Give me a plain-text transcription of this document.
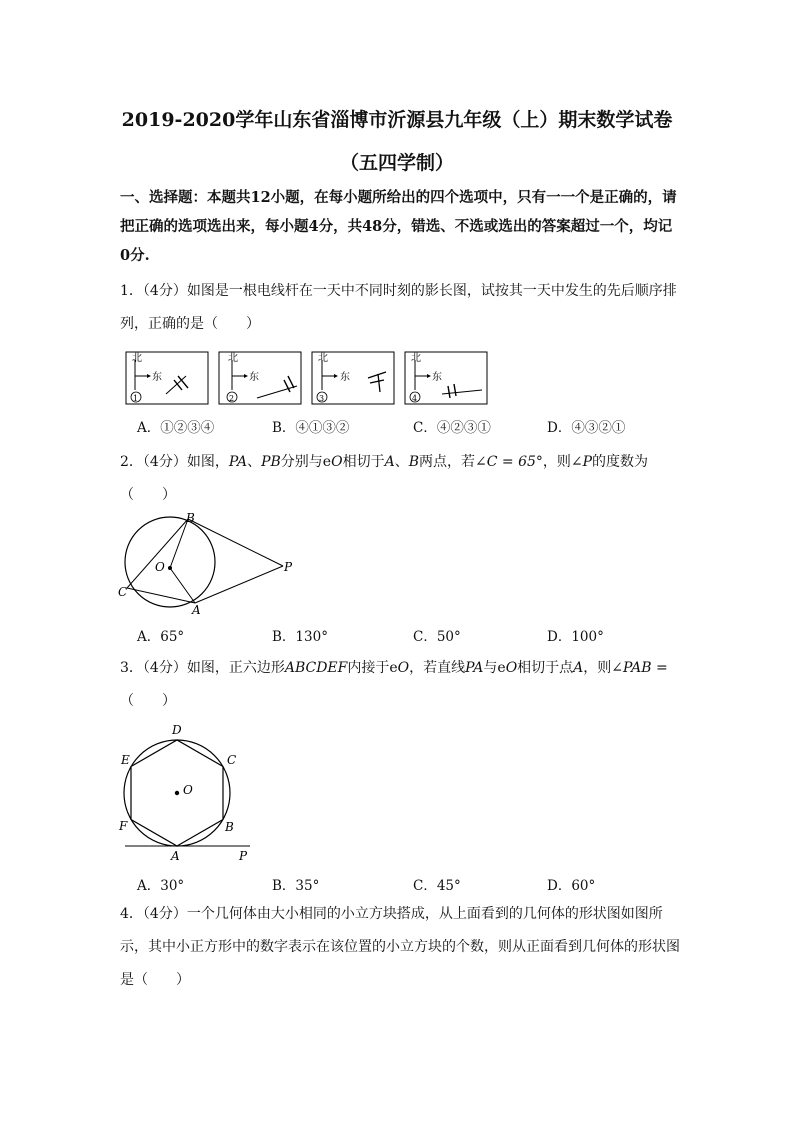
2019-2020学年山东省淄博市沂源县九年级（上）期末数学试卷
（五四学制）
一、选择题：本题共12小题，在每小题所给出的四个选项中，只有一一个是正确的，请把正确的选项选出来，每小题4分，共48分，错选、不选或选出的答案超过一个，均记0分.
1．（4分）如图是一根电线杆在一天中不同时刻的影长图，试按其一天中发生的先后顺序排列，正确的是（　　）
北
东
1
北
东
2
北
东
3
北
东
4
A．①②③④	B．④①③②	C．④②③①	D．④③②①
2．（4分）如图，PA、PB分别与eO相切于A、B两点，若∠C = 65°，则∠P的度数为（　　）
B
O	P
C
A
A．65°	B．130°	C．50°	D．100°
3．（4分）如图，正六边形ABCDEF内接于eO，若直线PA与eO相切于点A，则∠PAB =（　　）
D
E	C
O
F	B
A	P
A．30°	B．35°	C．45°	D．60°
4．（4分）一个几何体由大小相同的小立方块搭成，从上面看到的几何体的形状图如图所示，其中小正方形中的数字表示在该位置的小立方块的个数，则从正面看到几何体的形状图是（　　）
